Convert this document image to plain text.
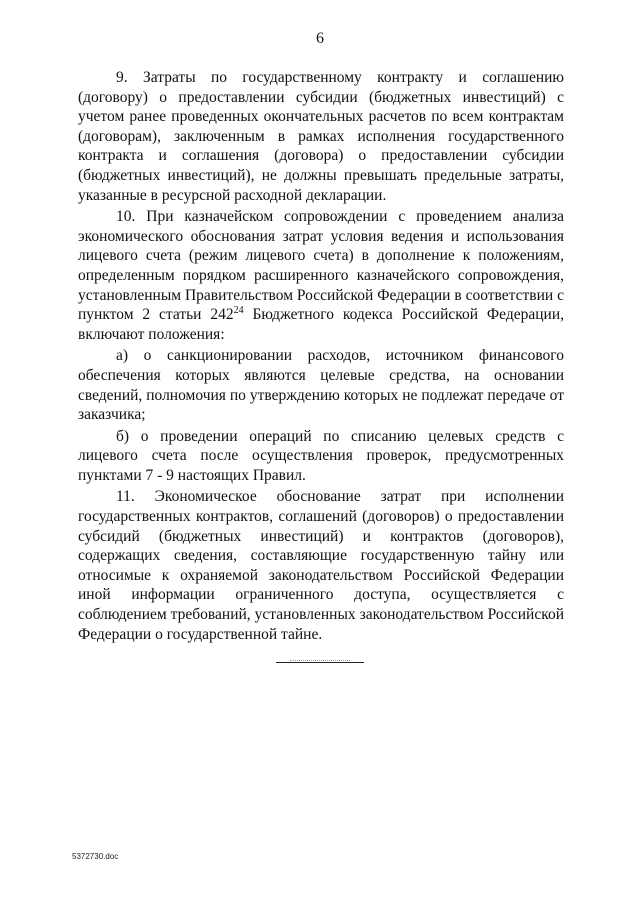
6

9. Затраты по государственному контракту и соглашению (договору) о предоставлении субсидии (бюджетных инвестиций) с учетом ранее проведенных окончательных расчетов по всем контрактам (договорам), заключенным в рамках исполнения государственного контракта и соглашения (договора) о предоставлении субсидии (бюджетных инвестиций), не должны превышать предельные затраты, указанные в ресурсной расходной декларации.

10. При казначейском сопровождении с проведением анализа экономического обоснования затрат условия ведения и использования лицевого счета (режим лицевого счета) в дополнение к положениям, определенным порядком расширенного казначейского сопровождения, установленным Правительством Российской Федерации в соответствии с пунктом 2 статьи $242^{24}$ Бюджетного кодекса Российской Федерации, включают положения:

а) о санкционировании расходов, источником финансового обеспечения которых являются целевые средства, на основании сведений, полномочия по утверждению которых не подлежат передаче от заказчика;

б) о проведении операций по списанию целевых средств с лицевого счета после осуществления проверок, предусмотренных пунктами 7 - 9 настоящих Правил.

11. Экономическое обоснование затрат при исполнении государственных контрактов, соглашений (договоров) о предоставлении субсидий (бюджетных инвестиций) и контрактов (договоров), содержащих сведения, составляющие государственную тайну или относимые к охраняемой законодательством Российской Федерации иной информации ограниченного доступа, осуществляется с соблюдением требований, установленных законодательством Российской Федерации о государственной тайне.

5372730.doc
